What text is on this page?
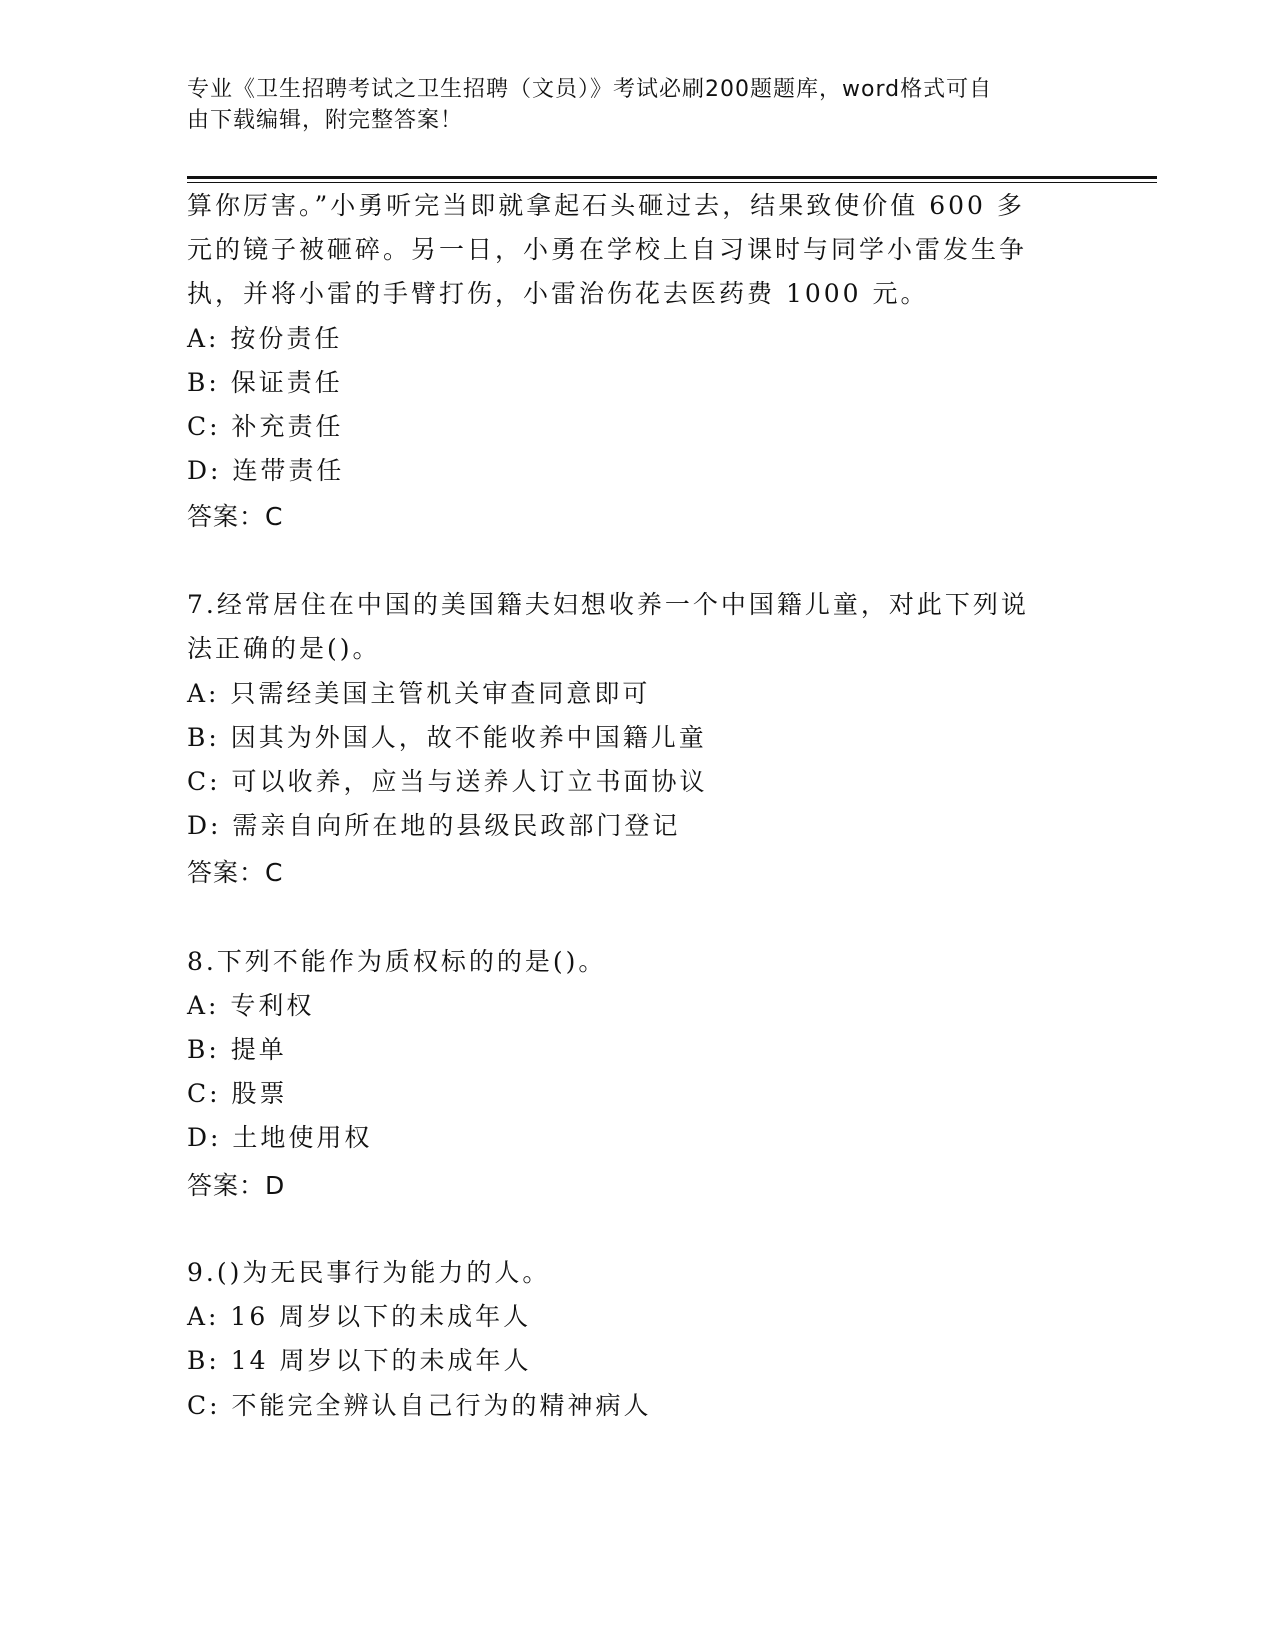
专业《卫生招聘考试之卫生招聘（文员）》考试必刷200题题库，word格式可自
由下载编辑，附完整答案！
算你厉害。”小勇听完当即就拿起石头砸过去，结果致使价值 600 多
元的镜子被砸碎。另一日，小勇在学校上自习课时与同学小雷发生争
执，并将小雷的手臂打伤，小雷治伤花去医药费 1000 元。
A: 按份责任
B: 保证责任
C: 补充责任
D: 连带责任
答案：C
7.经常居住在中国的美国籍夫妇想收养一个中国籍儿童，对此下列说
法正确的是()。
A: 只需经美国主管机关审查同意即可
B: 因其为外国人，故不能收养中国籍儿童
C: 可以收养，应当与送养人订立书面协议
D: 需亲自向所在地的县级民政部门登记
答案：C
8.下列不能作为质权标的的是()。
A: 专利权
B: 提单
C: 股票
D: 土地使用权
答案：D
9.()为无民事行为能力的人。
A: 16 周岁以下的未成年人
B: 14 周岁以下的未成年人
C: 不能完全辨认自己行为的精神病人
